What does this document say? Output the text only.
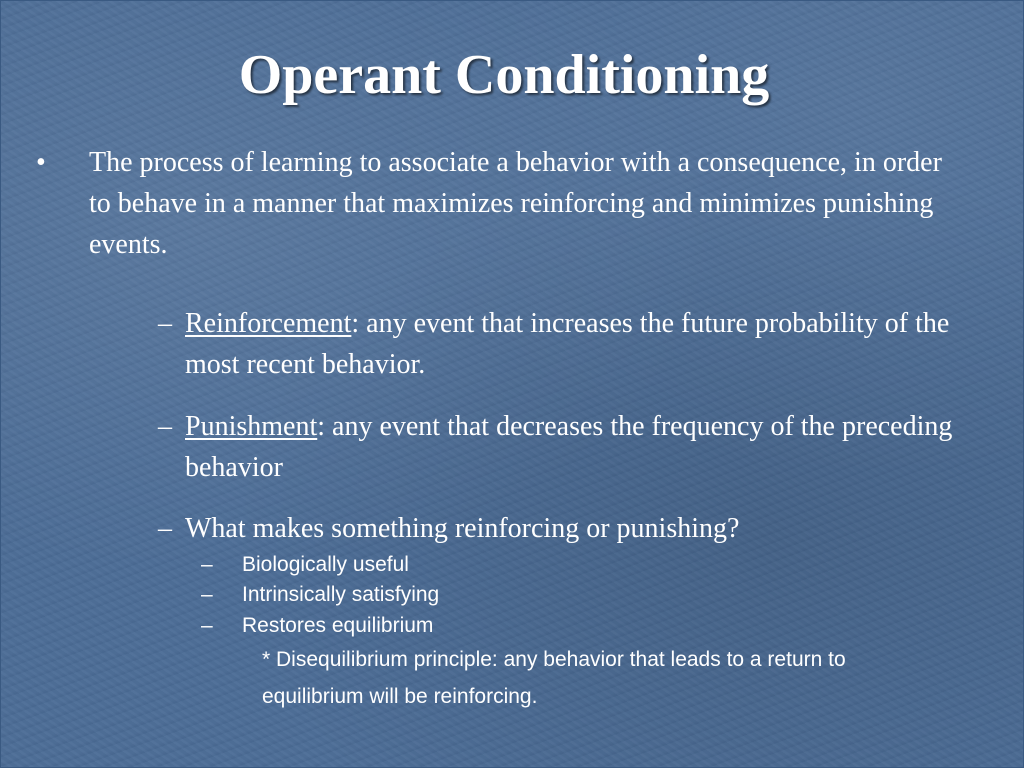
Operant Conditioning
• The process of learning to associate a behavior with a consequence, in order to behave in a manner that maximizes reinforcing and minimizes punishing events.
– Reinforcement: any event that increases the future probability of the most recent behavior.
– Punishment: any event that decreases the frequency of the preceding behavior
– What makes something reinforcing or punishing?
– Biologically useful
– Intrinsically satisfying
– Restores equilibrium
* Disequilibrium principle: any behavior that leads to a return to
equilibrium will be reinforcing.
